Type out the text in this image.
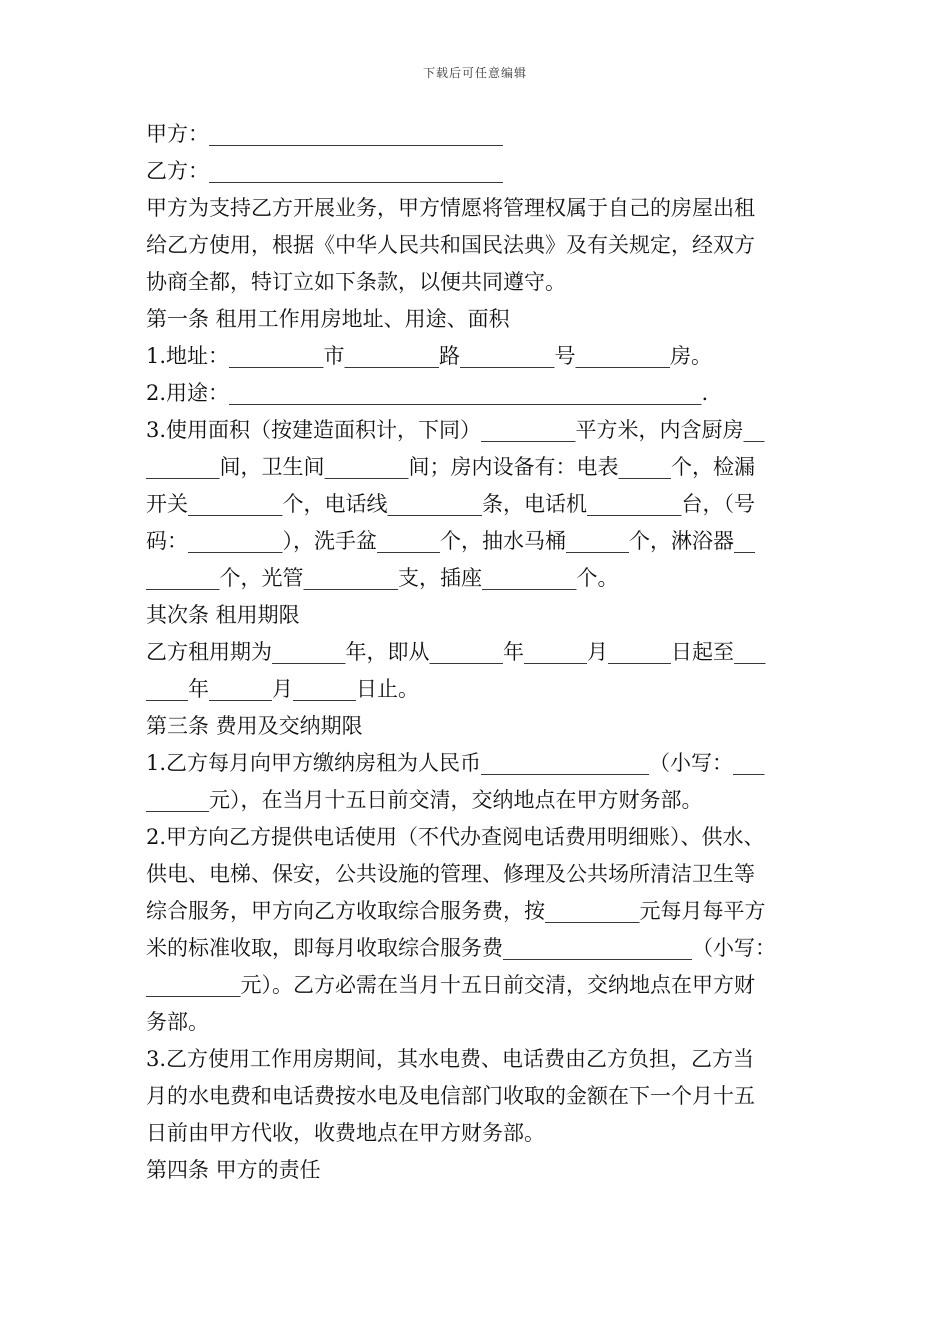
下载后可任意编辑
甲方：____________________________
乙方：____________________________
甲方为支持乙方开展业务，甲方情愿将管理权属于自己的房屋出租
给乙方使用，根据《中华人民共和国民法典》及有关规定，经双方
协商全都，特订立如下条款，以便共同遵守。
第一条 租用工作用房地址、用途、面积
1.地址：_________市_________路_________号_________房。
2.用途：_____________________________________________.
3.使用面积（按建造面积计，下同）_________平方米，内含厨房__
_______间，卫生间________间；房内设备有：电表_____个，检漏
开关_________个，电话线_________条，电话机_________台，（号
码：_________），洗手盆______个，抽水马桶______个，淋浴器__
_______个，光管_________支，插座_________个。
其次条 租用期限
乙方租用期为_______年，即从_______年______月______日起至___
____年______月______日止。
第三条 费用及交纳期限
1.乙方每月向甲方缴纳房租为人民币________________（小写：___
______元），在当月十五日前交清，交纳地点在甲方财务部。
2.甲方向乙方提供电话使用（不代办查阅电话费用明细账）、供水、
供电、电梯、保安，公共设施的管理、修理及公共场所清洁卫生等
综合服务，甲方向乙方收取综合服务费，按_________元每月每平方
米的标准收取，即每月收取综合服务费__________________（小写：
_________元）。乙方必需在当月十五日前交清，交纳地点在甲方财
务部。
3.乙方使用工作用房期间，其水电费、电话费由乙方负担，乙方当
月的水电费和电话费按水电及电信部门收取的金额在下一个月十五
日前由甲方代收，收费地点在甲方财务部。
第四条 甲方的责任
